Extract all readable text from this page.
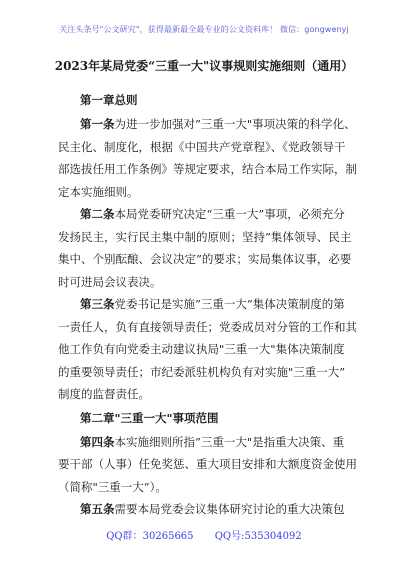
关注头条号"公文研究"，获得最新最全最专业的公文资料库！ 微信：gongwenyj
2023年某局党委“三重一大"议事规则实施细则（通用）
第一章总则

第一条为进一步加强对”三重一大"事项决策的科学化、
民主化、制度化，根据《中国共产党章程》、《党政领导干
部选拔任用工作条例》等规定要求，结合本局工作实际，制
定本实施细则。

第二条本局党委研究决定“三重一大”事项，必须充分
发扬民主，实行民主集中制的原则；坚持”集体领导、民主
集中、个别酝酿、会议决定”的要求；实局集体议事，必要
时可进局会议表决。

第三条党委书记是实施”三重一大”集体决策制度的第
一责任人，负有直接领导责任；党委成员对分管的工作和其
他工作负有向党委主动建议执局"三重一大"集体决策制度
的重要领导责任；市纪委派驻机构负有对实施"三重一大”
制度的监督责任。

第二章"三重一大"事项范围

第四条本实施细则所指”三重一大"是指重大决策、重
要干部（人事）任免奖惩、重大项目安排和大额度资金使用
（简称"三重一大”）。

第五条需要本局党委会议集体研究讨论的重大决策包

QQ群：30265665 QQ号:535304092
